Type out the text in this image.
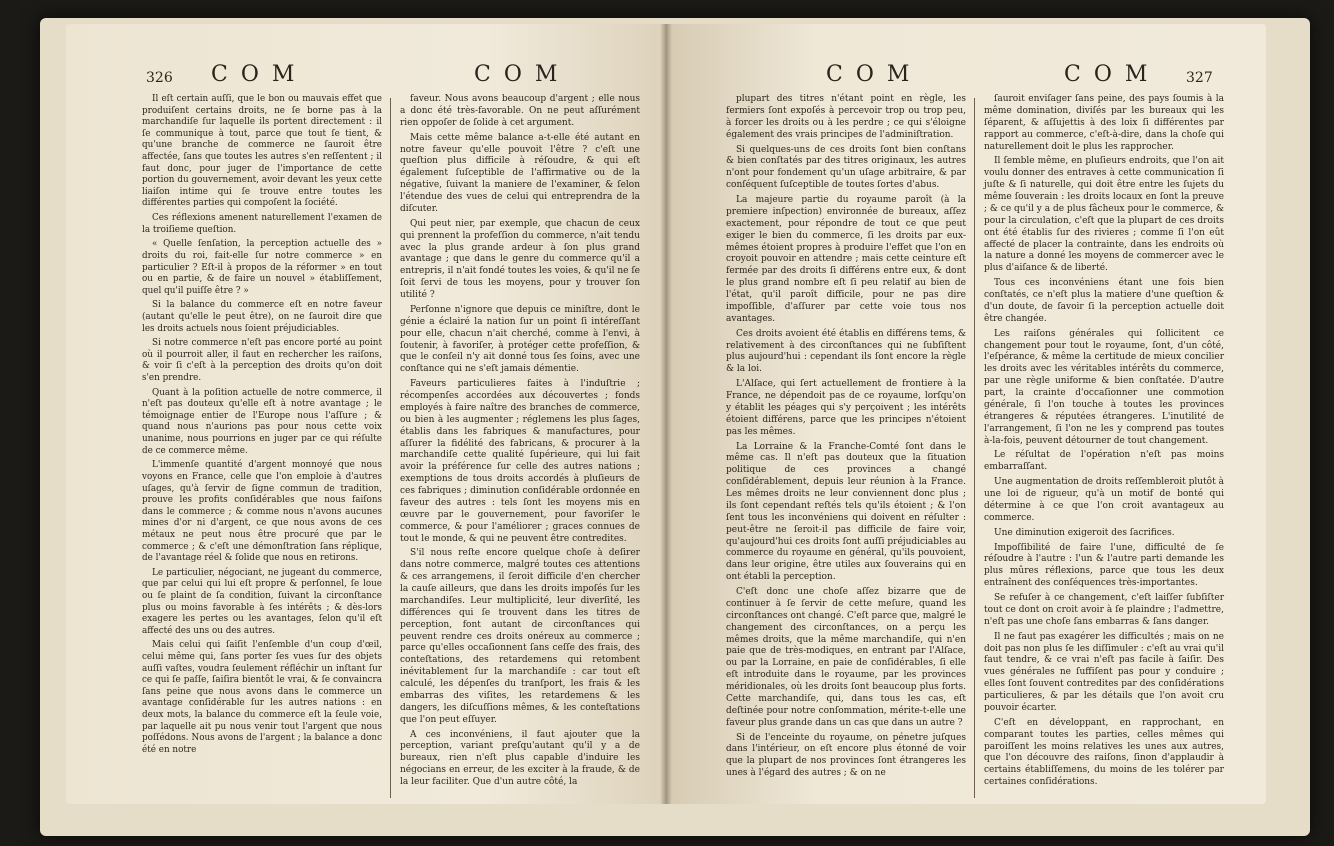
326 C O M	C O M

Il eſt certain auſſi, que le bon ou mauvais effet que produiſent certains droits, ne ſe borne pas à la marchandiſe ſur laquelle ils portent directement : il ſe communique à tout, parce que tout ſe tient, & qu'une branche de commerce ne ſauroit être affectée, ſans que toutes les autres s'en reſſentent ; il faut donc, pour juger de l'importance de cette portion du gouvernement, avoir devant les yeux cette liaiſon intime qui ſe trouve entre toutes les différentes parties qui compoſent la ſociété.

Ces réflexions amenent naturellement l'examen de la troiſieme queſtion.

« Quelle ſenſation, la perception actuelle des » droits du roi, fait-elle ſur notre commerce » en particulier ? Eſt-il à propos de la réformer » en tout ou en partie, & de faire un nouvel » établiſſement, quel qu'il puiſſe être ? »

Si la balance du commerce eſt en notre faveur (autant qu'elle le peut être), on ne ſauroit dire que les droits actuels nous ſoient préjudiciables.

Si notre commerce n'eſt pas encore porté au point où il pourroit aller, il faut en rechercher les raiſons, & voir ſi c'eſt à la perception des droits qu'on doit s'en prendre.

Quant à la poſition actuelle de notre commerce, il n'eſt pas douteux qu'elle eſt à notre avantage ; le témoignage entier de l'Europe nous l'aſſure ; & quand nous n'aurions pas pour nous cette voix unanime, nous pourrions en juger par ce qui réſulte de ce commerce même.

L'immenſe quantité d'argent monnoyé que nous voyons en France, celle que l'on emploie à d'autres uſages, qu'à ſervir de ſigne commun de tradition, prouve les profits conſidérables que nous faiſons dans le commerce ; & comme nous n'avons aucunes mines d'or ni d'argent, ce que nous avons de ces métaux ne peut nous être procuré que par le commerce ; & c'eſt une démonſtration ſans réplique, de l'avantage réel & ſolide que nous en retirons.

Le particulier, négociant, ne jugeant du commerce, que par celui qui lui eſt propre & perſonnel, ſe loue ou ſe plaint de ſa condition, ſuivant la circonſtance plus ou moins favorable à ſes intérêts ; & dès-lors exagere les pertes ou les avantages, ſelon qu'il eſt affecté des uns ou des autres.

Mais celui qui ſaiſit l'enſemble d'un coup d'œil, celui même qui, ſans porter ſes vues ſur des objets auſſi vaſtes, voudra ſeulement réfléchir un inſtant ſur ce qui ſe paſſe, ſaiſira bientôt le vrai, & ſe convaincra ſans peine que nous avons dans le commerce un avantage conſidérable ſur les autres nations : en deux mots, la balance du commerce eſt la ſeule voie, par laquelle ait pu nous venir tout l'argent que nous poſſédons. Nous avons de l'argent ; la balance a donc été en notre

faveur. Nous avons beaucoup d'argent ; elle nous a donc été très-favorable. On ne peut aſſurément rien oppoſer de ſolide à cet argument.

Mais cette même balance a-t-elle été autant en notre faveur qu'elle pouvoit l'être ? c'eſt une queſtion plus difficile à réſoudre, & qui eſt également ſuſceptible de l'affirmative ou de la négative, ſuivant la maniere de l'examiner, & ſelon l'étendue des vues de celui qui entreprendra de la diſcuter.

Qui peut nier, par exemple, que chacun de ceux qui prennent la profeſſion du commerce, n'ait tendu avec la plus grande ardeur à ſon plus grand avantage ; que dans le genre du commerce qu'il a entrepris, il n'ait fondé toutes les voies, & qu'il ne ſe ſoit ſervi de tous les moyens, pour y trouver ſon utilité ?

Perſonne n'ignore que depuis ce miniſtre, dont le génie a éclairé la nation ſur un point ſi intéreſſant pour elle, chacun n'ait cherché, comme à l'envi, à ſoutenir, à favoriſer, à protéger cette profeſſion, & que le conſeil n'y ait donné tous ſes ſoins, avec une conſtance qui ne s'eſt jamais démentie.

Faveurs particulieres faites à l'induſtrie ; récompenſes accordées aux découvertes ; fonds employés à faire naître des branches de commerce, ou bien à les augmenter ; réglemens les plus ſages, établis dans les fabriques & manufactures, pour aſſurer la fidélité des fabricans, & procurer à la marchandiſe cette qualité ſupérieure, qui lui fait avoir la préférence ſur celle des autres nations ; exemptions de tous droits accordés à pluſieurs de ces fabriques ; diminution conſidérable ordonnée en faveur des autres : tels ſont les moyens mis en œuvre par le gouvernement, pour favoriſer le commerce, & pour l'améliorer ; graces connues de tout le monde, & qui ne peuvent être contredites.

S'il nous reſte encore quelque choſe à deſirer dans notre commerce, malgré toutes ces attentions & ces arrangemens, il ſeroit difficile d'en chercher la cauſe ailleurs, que dans les droits impoſés ſur les marchandiſes. Leur multiplicité, leur diverſité, les différences qui ſe trouvent dans les titres de perception, font autant de circonſtances qui peuvent rendre ces droits onéreux au commerce ; parce qu'elles occaſionnent ſans ceſſe des frais, des conteſtations, des retardemens qui retombent inévitablement ſur la marchandiſe : car tout eſt calculé, les dépenſes du tranſport, les frais & les embarras des viſites, les retardemens & les dangers, les diſcuſſions mêmes, & les conteſtations que l'on peut eſſuyer.

A ces inconvéniens, il faut ajouter que la perception, variant preſqu'autant qu'il y a de bureaux, rien n'eſt plus capable d'induire les négocians en erreur, de les exciter à la fraude, & de la leur faciliter. Que d'un autre côté, la

C O M	C O M	327

plupart des titres n'étant point en règle, les fermiers ſont expoſés à percevoir trop ou trop peu, à forcer les droits ou à les perdre ; ce qui s'éloigne également des vrais principes de l'adminiſtration.

Si quelques-uns de ces droits ſont bien conſtans & bien conſtatés par des titres originaux, les autres n'ont pour fondement qu'un uſage arbitraire, & par conſéquent ſuſceptible de toutes ſortes d'abus.

La majeure partie du royaume paroît (à la premiere inſpection) environnée de bureaux, aſſez exactement, pour répondre de tout ce que peut exiger le bien du commerce, ſi les droits par eux-mêmes étoient propres à produire l'effet que l'on en croyoit pouvoir en attendre ; mais cette ceinture eſt fermée par des droits ſi différens entre eux, & dont le plus grand nombre eſt ſi peu relatif au bien de l'état, qu'il paroît difficile, pour ne pas dire impoſſible, d'aſſurer par cette voie tous nos avantages.

Ces droits avoient été établis en différens tems, & relativement à des circonſtances qui ne ſubſiſtent plus aujourd'hui : cependant ils ſont encore la règle & la loi.

L'Alſace, qui ſert actuellement de frontiere à la France, ne dépendoit pas de ce royaume, lorſqu'on y établit les péages qui s'y perçoivent ; les intérêts étoient différens, parce que les principes n'étoient pas les mêmes.

La Lorraine & la Franche-Comté ſont dans le même cas. Il n'eſt pas douteux que la ſituation politique de ces provinces a changé conſidérablement, depuis leur réunion à la France. Les mêmes droits ne leur conviennent donc plus ; ils ſont cependant reſtés tels qu'ils étoient ; & l'on ſent tous les inconvéniens qui doivent en réſulter : peut-être ne ſeroit-il pas difficile de faire voir, qu'aujourd'hui ces droits ſont auſſi préjudiciables au commerce du royaume en général, qu'ils pouvoient, dans leur origine, être utiles aux ſouverains qui en ont établi la perception.

C'eſt donc une choſe aſſez bizarre que de continuer à ſe ſervir de cette meſure, quand les circonſtances ont changé. C'eſt parce que, malgré le changement des circonſtances, on a perçu les mêmes droits, que la même marchandiſe, qui n'en paie que de très-modiques, en entrant par l'Alſace, ou par la Lorraine, en paie de conſidérables, ſi elle eſt introduite dans le royaume, par les provinces méridionales, où les droits ſont beaucoup plus forts. Cette marchandiſe, qui, dans tous les cas, eſt deſtinée pour notre conſommation, mérite-t-elle une faveur plus grande dans un cas que dans un autre ?

Si de l'enceinte du royaume, on pénetre juſques dans l'intérieur, on eſt encore plus étonné de voir que la plupart de nos provinces ſont étrangeres les unes à l'égard des autres ; & on ne

ſauroit enviſager ſans peine, des pays ſoumis à la même domination, diviſés par les bureaux qui les ſéparent, & aſſujettis à des loix ſi différentes par rapport au commerce, c'eſt-à-dire, dans la choſe qui naturellement doit le plus les rapprocher.

Il ſemble même, en pluſieurs endroits, que l'on ait voulu donner des entraves à cette communication ſi juſte & ſi naturelle, qui doit être entre les ſujets du même ſouverain : les droits locaux en ſont la preuve ; & ce qu'il y a de plus fâcheux pour le commerce, & pour la circulation, c'eſt que la plupart de ces droits ont été établis ſur des rivieres ; comme ſi l'on eût affecté de placer la contrainte, dans les endroits où la nature a donné les moyens de commercer avec le plus d'aiſance & de liberté.

Tous ces inconvéniens étant une fois bien conſtatés, ce n'eſt plus la matiere d'une queſtion & d'un doute, de ſavoir ſi la perception actuelle doit être changée.

Les raiſons générales qui ſollicitent ce changement pour tout le royaume, ſont, d'un côté, l'eſpérance, & même la certitude de mieux concilier les droits avec les véritables intérêts du commerce, par une règle uniforme & bien conſtatée. D'autre part, la crainte d'occaſionner une commotion générale, ſi l'on touche à toutes les provinces étrangeres & réputées étrangeres. L'inutilité de l'arrangement, ſi l'on ne les y comprend pas toutes à-la-fois, peuvent détourner de tout changement.

Le réſultat de l'opération n'eſt pas moins embarraſſant.

Une augmentation de droits reſſembleroit plutôt à une loi de rigueur, qu'à un motif de bonté qui détermine à ce que l'on croit avantageux au commerce.

Une diminution exigeroit des ſacrifices.

Impoſſibilité de faire l'une, difficulté de ſe réſoudre à l'autre : l'un & l'autre parti demande les plus mûres réflexions, parce que tous les deux entraînent des conſéquences très-importantes.

Se refuſer à ce changement, c'eſt laiſſer ſubſiſter tout ce dont on croit avoir à ſe plaindre ; l'admettre, n'eſt pas une choſe ſans embarras & ſans danger.

Il ne faut pas exagérer les difficultés ; mais on ne doit pas non plus ſe les diſſimuler : c'eſt au vrai qu'il faut tendre, & ce vrai n'eſt pas facile à ſaiſir. Des vues générales ne ſuffiſent pas pour y conduire ; elles ſont ſouvent contredites par des conſidérations particulieres, & par les détails que l'on avoit cru pouvoir écarter.

C'eſt en développant, en rapprochant, en comparant toutes les parties, celles mêmes qui paroiſſent les moins relatives les unes aux autres, que l'on découvre des raiſons, ſinon d'applaudir à certains établiſſemens, du moins de les tolérer par certaines conſidérations.
